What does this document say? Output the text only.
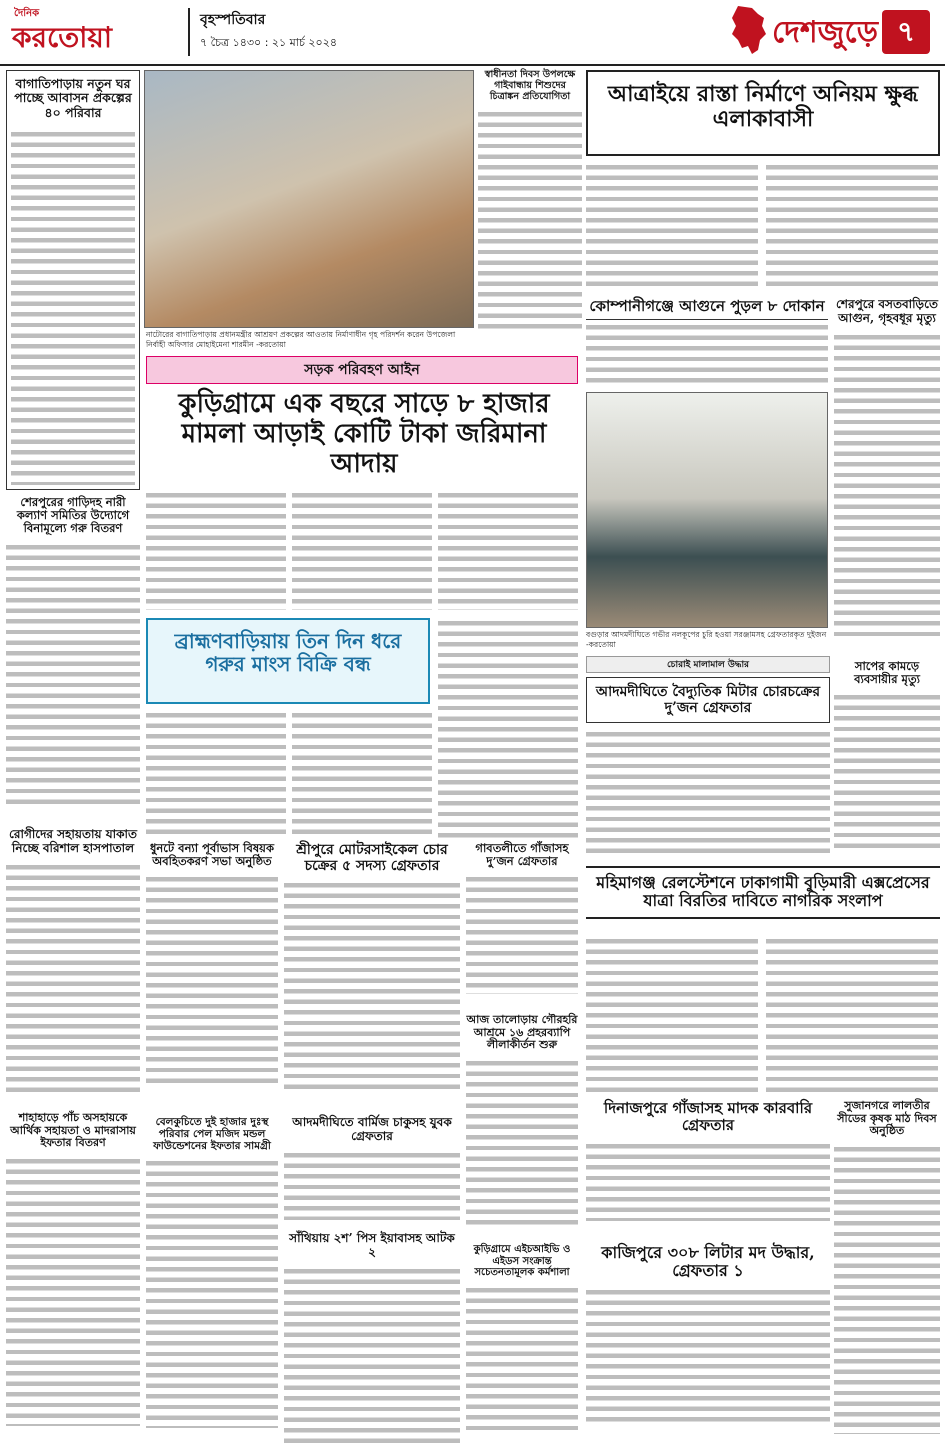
দৈনিক
করতোয়া
বৃহস্পতিবার
৭ চৈত্র ১৪৩০ : ২১ মার্চ ২০২৪	দেশজুড়ে ৭
বাগাতিপাড়ায় নতুন ঘর পাচ্ছে আবাসন প্রকল্পের ৪০ পরিবার
নাটোরের বাগাতিপাড়ায় প্রধানমন্ত্রীর আশ্রয়ণ প্রকল্পের আওতায় নির্মাণাধীন গৃহ পরিদর্শন করেন উপজেলা নির্বাহী অফিসার মোহাইমেনা শারমীন -করতোয়া
স্বাধীনতা দিবস উপলক্ষে গাইবান্ধায় শিশুদের চিত্রাঙ্কন প্রতিযোগিতা	আত্রাইয়ে রাস্তা নির্মাণে অনিয়ম ক্ষুব্ধ এলাকাবাসী
সড়ক পরিবহণ আইন
কুড়িগ্রামে এক বছরে সাড়ে ৮ হাজার মামলা আড়াই কোটি টাকা জরিমানা আদায়
কোম্পানীগঞ্জে আগুনে পুড়ল ৮ দোকান শেরপুরে বসতবাড়িতে আগুন, গৃহবধূর মৃত্যু
বগুড়ার আদমদীঘিতে গভীর নলকূপের চুরি হওয়া সরঞ্জামসহ গ্রেফতারকৃত দুইজন -করতোয়া
শেরপুরের গাড়িদহ নারী কল্যাণ সমিতির উদ্যোগে বিনামূল্যে গরু বিতরণ
ব্রাহ্মণবাড়িয়ায় তিন দিন ধরে গরুর মাংস বিক্রি বন্ধ	সাপের কামড়ে ব্যবসায়ীর মৃত্যু
চোরাই মালামাল উদ্ধার
আদমদীঘিতে বৈদ্যুতিক মিটার চোরচক্রের দু’জন গ্রেফতার
রোগীদের সহায়তায় যাকাত নিচ্ছে বরিশাল হাসপাতাল	ধুনটে বন্যা পূর্বাভাস বিষয়ক অবহিতকরণ সভা অনুষ্ঠিত
শ্রীপুরে মোটরসাইকেল চোর চক্রের ৫ সদস্য গ্রেফতার
গাবতলীতে গাঁজাসহ দু’জন গ্রেফতার
মহিমাগঞ্জ রেলস্টেশনে ঢাকাগামী বুড়িমারী এক্সপ্রেসের যাত্রা বিরতির দাবিতে নাগরিক সংলাপ
আজ তালোড়ায় গৌরহরি আশ্রমে ১৬ প্রহরব্যাপি লীলাকীর্তন শুরু
দিনাজপুরে গাঁজাসহ মাদক কারবারি গ্রেফতার
সুজানগরে লালতীর সীডের কৃষক মাঠ দিবস অনুষ্ঠিত
শাহাহাড়ে পাঁচ অসহায়কে আর্থিক সহায়তা ও মাদরাসায় ইফতার বিতরণ
বেলকুচিতে দুই হাজার দুঃস্থ পরিবার পেল মজিদ মন্ডল ফাউন্ডেশনের ইফতার সামগ্রী
আদমদীঘিতে বার্মিজ চাকুসহ যুবক গ্রেফতার
সাঁথিয়ায় ২শ’ পিস ইয়াবাসহ আটক ২	কুড়িগ্রামে এইচআইভি ও এইডস সংক্রান্ত সচেতনতামূলক কর্মশালা
কাজিপুরে ৩০৮ লিটার মদ উদ্ধার, গ্রেফতার ১
